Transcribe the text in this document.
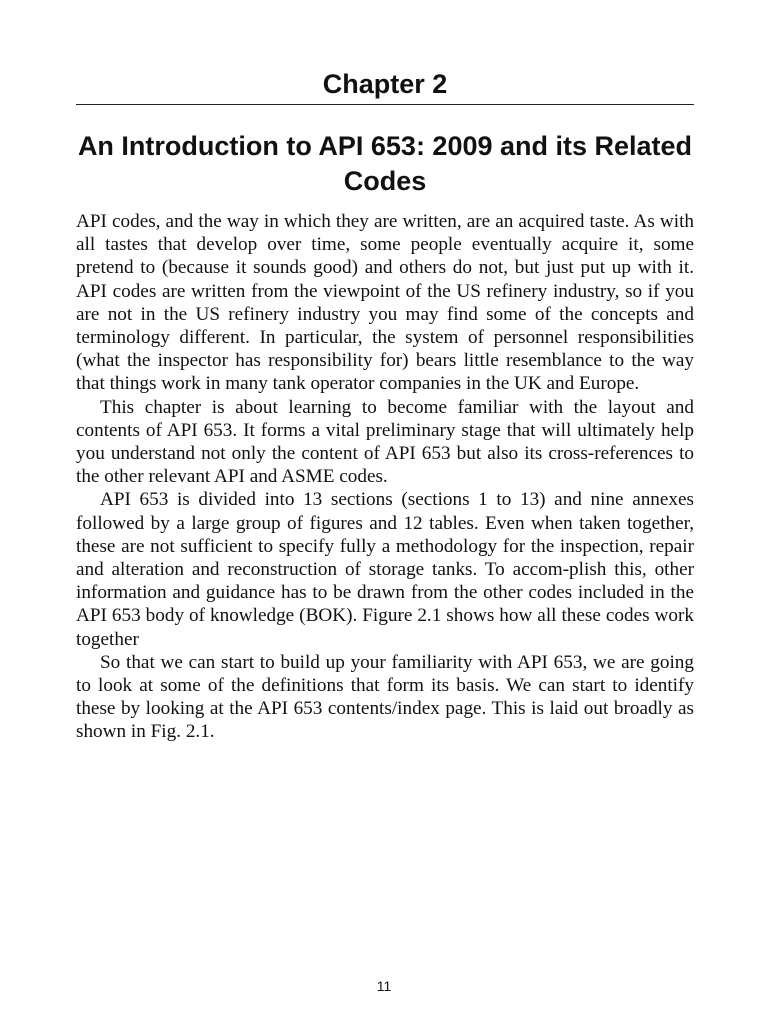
Chapter 2
An Introduction to API 653: 2009 and its Related Codes

API codes, and the way in which they are written, are an acquired taste. As with all tastes that develop over time, some people eventually acquire it, some pretend to (because it sounds good) and others do not, but just put up with it. API codes are written from the viewpoint of the US refinery industry, so if you are not in the US refinery industry you may find some of the concepts and terminology different. In particular, the system of personnel responsibilities (what the inspector has responsibility for) bears little resemblance to the way that things work in many tank operator companies in the UK and Europe.

This chapter is about learning to become familiar with the layout and contents of API 653. It forms a vital preliminary stage that will ultimately help you understand not only the content of API 653 but also its cross-references to the other relevant API and ASME codes.

API 653 is divided into 13 sections (sections 1 to 13) and nine annexes followed by a large group of figures and 12 tables. Even when taken together, these are not sufficient to specify fully a methodology for the inspection, repair and alteration and reconstruction of storage tanks. To accom-plish this, other information and guidance has to be drawn from the other codes included in the API 653 body of knowledge (BOK). Figure 2.1 shows how all these codes work together

So that we can start to build up your familiarity with API 653, we are going to look at some of the definitions that form its basis. We can start to identify these by looking at the API 653 contents/index page. This is laid out broadly as shown in Fig. 2.1.

11
